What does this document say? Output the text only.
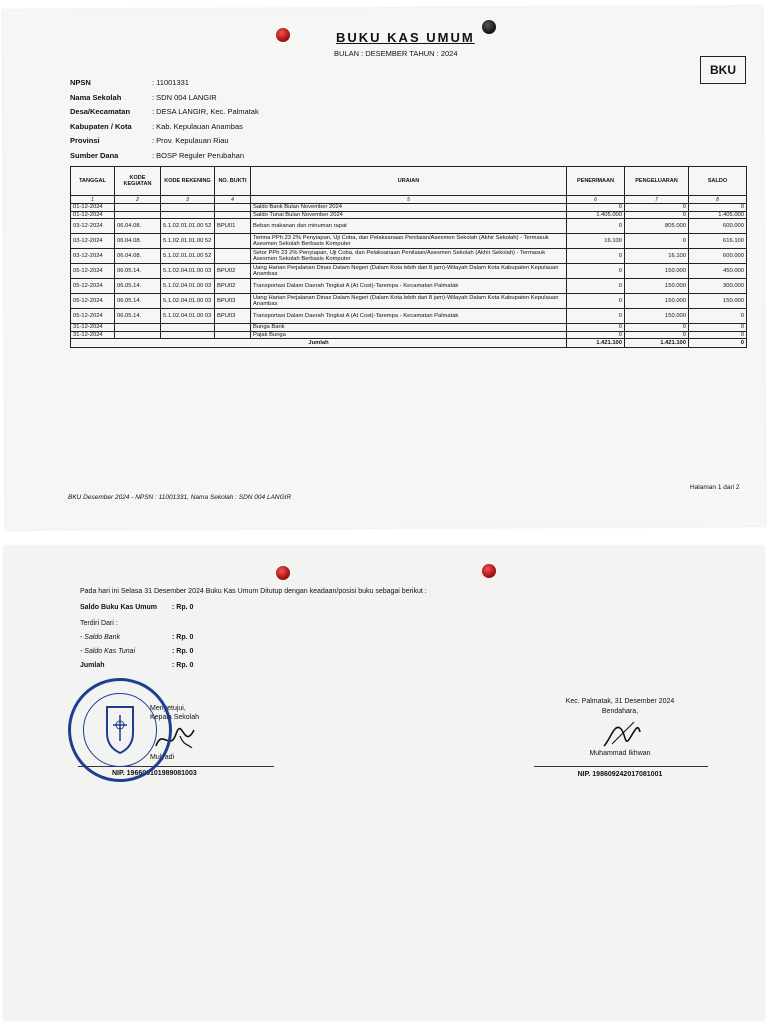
BUKU KAS UMUM
BULAN : DESEMBER TAHUN : 2024
BKU
NPSN	: 11001331
Nama Sekolah	: SDN 004 LANGIR
Desa/Kecamatan	: DESA LANGIR, Kec. Palmatak
Kabupaten / Kota	: Kab. Kepulauan Anambas
Provinsi	: Prov. Kepulauan Riau
Sumber Dana	: BOSP Reguler Perubahan
TANGGAL	KODE KEGIATAN	KODE REKENING	NO. BUKTI	URAIAN	PENERIMAAN	PENGELUARAN	SALDO
1	2	3	4	5	6	7	8
01-12-2024				Saldo Bank Bulan November 2024	0	0	0
01-12-2024				Saldo Tunai Bulan November 2024	1.405.000	0	1.405.000
03-12-2024	06.04.08.	5.1.02.01.01.00 52	BPU01	Beban makanan dan minuman rapat	0	805.000	600.000
03-12-2024	06.04.08.	5.1.02.01.01.00 52		Terima PPh 23 2% Penyiapan, Uji Coba, dan Pelaksanaan Penilaian/Asesmen Sekolah (Akhir Sekolah) - Termasuk Asesmen Sekolah Berbasis Komputer	16.100	0	616.100
03-12-2024	06.04.08.	5.1.02.01.01.00 52		Setor PPh 23 2% Penyiapan, Uji Coba, dan Pelaksanaan Penilaian/Asesmen Sekolah (Akhir Sekolah) - Termasuk Asesmen Sekolah Berbasis Komputer	0	16.100	600.000
05-12-2024	06.05.14.	5.1.02.04.01.00 03	BPU02	Uang Harian Perjalanan Dinas Dalam Negeri (Dalam Kota lebih dari 8 jam)-Wilayah Dalam Kota Kabupaten Kepulauan Anambas	0	150.000	450.000
05-12-2024	06.05.14.	5.1.02.04.01.00 03	BPU02	Transportasi Dalam Daerah Tingkat A (At Cost)-Tarempa - Kecamatan Palmatak	0	150.000	300.000
05-12-2024	06.05.14.	5.1.02.04.01.00 03	BPU03	Uang Harian Perjalanan Dinas Dalam Negeri (Dalam Kota lebih dari 8 jam)-Wilayah Dalam Kota Kabupaten Kepulauan Anambas	0	150.000	150.000
05-12-2024	06.05.14.	5.1.02.04.01.00 03	BPU03	Transportasi Dalam Daerah Tingkat A (At Cost)-Tarempa - Kecamatan Palmatak	0	150.000	0
31-12-2024				Bunga Bank	0	0	0
31-12-2024				Pajak Bunga	0	0	0
Jumlah					1.421.100	1.421.100	0
BKU Desember 2024 - NPSN : 11001331, Nama Sekolah : SDN 004 LANGIR
Halaman 1 dari 2
Pada hari ini Selasa 31 Desember 2024 Buku Kas Umum Ditutup dengan keadaan/posisi buku sebagai berikut :
Saldo Buku Kas Umum	: Rp. 0
Terdiri Dari :
- Saldo Bank	: Rp. 0
- Saldo Kas Tunai	: Rp. 0
Jumlah	: Rp. 0
Menyetujui,
Kepala Sekolah
Mulyadi
NIP. 196606101989081003
Kec. Palmatak, 31 Desember 2024
Bendahara,
Muhammad Ikhwan
NIP. 198609242017081001
